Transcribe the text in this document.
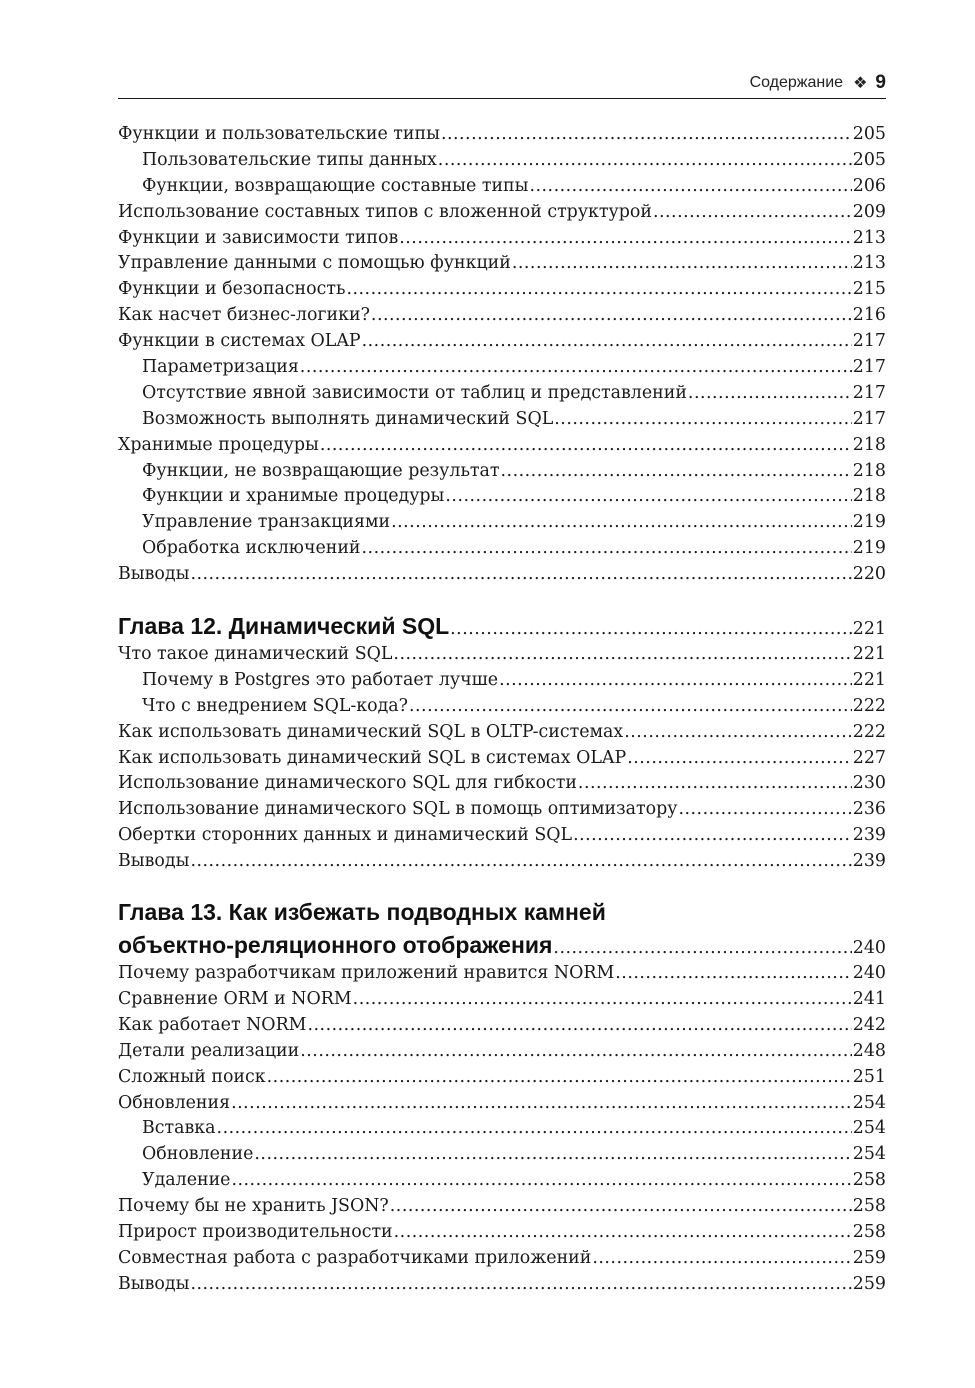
Содержание ❖ 9
Функции и пользовательские типы .....	205
Пользовательские типы данных .....	205
Функции, возвращающие составные типы .....	206
Использование составных типов с вложенной структурой .....	209
Функции и зависимости типов .....	213
Управление данными с помощью функций .....	213
Функции и безопасность .....	215
Как насчет бизнес-логики? .....	216
Функции в системах OLAP .....	217
Параметризация .....	217
Отсутствие явной зависимости от таблиц и представлений .....	217
Возможность выполнять динамический SQL .....	217
Хранимые процедуры .....	218
Функции, не возвращающие результат .....	218
Функции и хранимые процедуры .....	218
Управление транзакциями .....	219
Обработка исключений .....	219
Выводы .....	220
Глава 12. Динамический SQL .....	221
Что такое динамический SQL .....	221
Почему в Postgres это работает лучше .....	221
Что с внедрением SQL-кода? .....	222
Как использовать динамический SQL в OLTP-системах .....	222
Как использовать динамический SQL в системах OLAP .....	227
Использование динамического SQL для гибкости .....	230
Использование динамического SQL в помощь оптимизатору .....	236
Обертки сторонних данных и динамический SQL .....	239
Выводы .....	239
Глава 13. Как избежать подводных камней
объектно-реляционного отображения .....	240
Почему разработчикам приложений нравится NORM .....	240
Сравнение ORM и NORM .....	241
Как работает NORM .....	242
Детали реализации .....	248
Сложный поиск .....	251
Обновления .....	254
Вставка .....	254
Обновление .....	254
Удаление .....	258
Почему бы не хранить JSON? .....	258
Прирост производительности .....	258
Совместная работа с разработчиками приложений .....	259
Выводы .....	259
